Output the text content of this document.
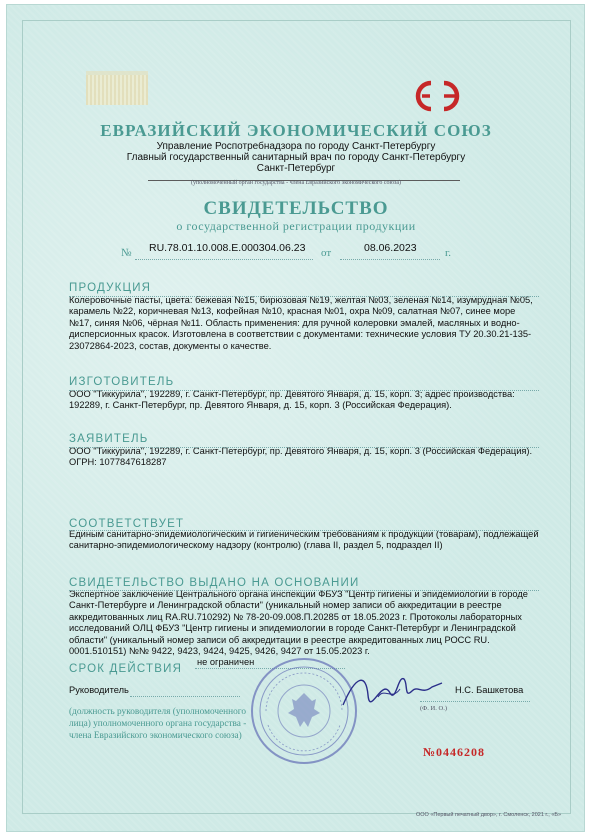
ЕВРАЗИЙСКИЙ ЭКОНОМИЧЕСКИЙ СОЮЗ

Управление Роспотребнадзора по городу Санкт-Петербургу

Главный государственный санитарный врач по городу Санкт-Петербургу

Санкт-Петербург

(уполномоченный орган государства - члена Евразийского экономического союза)

СВИДЕТЕЛЬСТВО

о государственной регистрации продукции

№ RU.78.01.10.008.Е.000304.06.23 от	08.06.2023	г.

ПРОДУКЦИЯ

Колеровочные пасты, цвета: бежевая №15, бирюзовая №19, желтая №03, зеленая №14, изумрудная №05, карамель №22, коричневая №13, кофейная №10, красная №01, охра №09, салатная №07, синее море №17, синяя №06, чёрная №11. Область применения: для ручной колеровки эмалей, масляных и водно-дисперсионных красок. Изготовлена в соответствии с документами: технические условия ТУ 20.30.21-135-23072864-2023, состав, документы о качестве.

ИЗГОТОВИТЕЛЬ

ООО "Тиккурила", 192289, г. Санкт-Петербург, пр. Девятого Января, д. 15, корп. 3; адрес производства: 192289, г. Санкт-Петербург, пр. Девятого Января, д. 15, корп. 3 (Российская Федерация).

ЗАЯВИТЕЛЬ

ООО "Тиккурила", 192289, г. Санкт-Петербург, пр. Девятого Января, д. 15, корп. 3 (Российская Федерация). ОГРН: 1077847618287

СООТВЕТСТВУЕТ

Единым санитарно-эпидемиологическим и гигиеническим требованиям к продукции (товарам), подлежащей санитарно-эпидемиологическому надзору (контролю) (глава II, раздел 5, подраздел II)

СВИДЕТЕЛЬСТВО ВЫДАНО НА ОСНОВАНИИ

Экспертное заключение Центрального органа инспекции ФБУЗ "Центр гигиены и эпидемиологии в городе Санкт-Петербурге и Ленинградской области" (уникальный номер записи об аккредитации в реестре аккредитованных лиц RA.RU.710292) № 78-20-09.008.П.20285 от 18.05.2023 г. Протоколы лабораторных исследований ОЛЦ ФБУЗ "Центр гигиены и эпидемиологии в городе Санкт-Петербург и Ленинградской области" (уникальный номер записи об аккредитации в реестре аккредитованных лиц РОСС RU. 0001.510151) №№ 9422, 9423, 9424, 9425, 9426, 9427 от 15.05.2023 г.

СРОК ДЕЙСТВИЯ

не ограничен

Руководитель	Н.С. Башкетова

(должность руководителя (уполномоченного

лица) уполномоченного органа государства -

члена Евразийского экономического союза)

(Ф. И. О.)

№0446208

ООО «Первый печатный двор», г. Смоленск, 2021 г., «Б»
